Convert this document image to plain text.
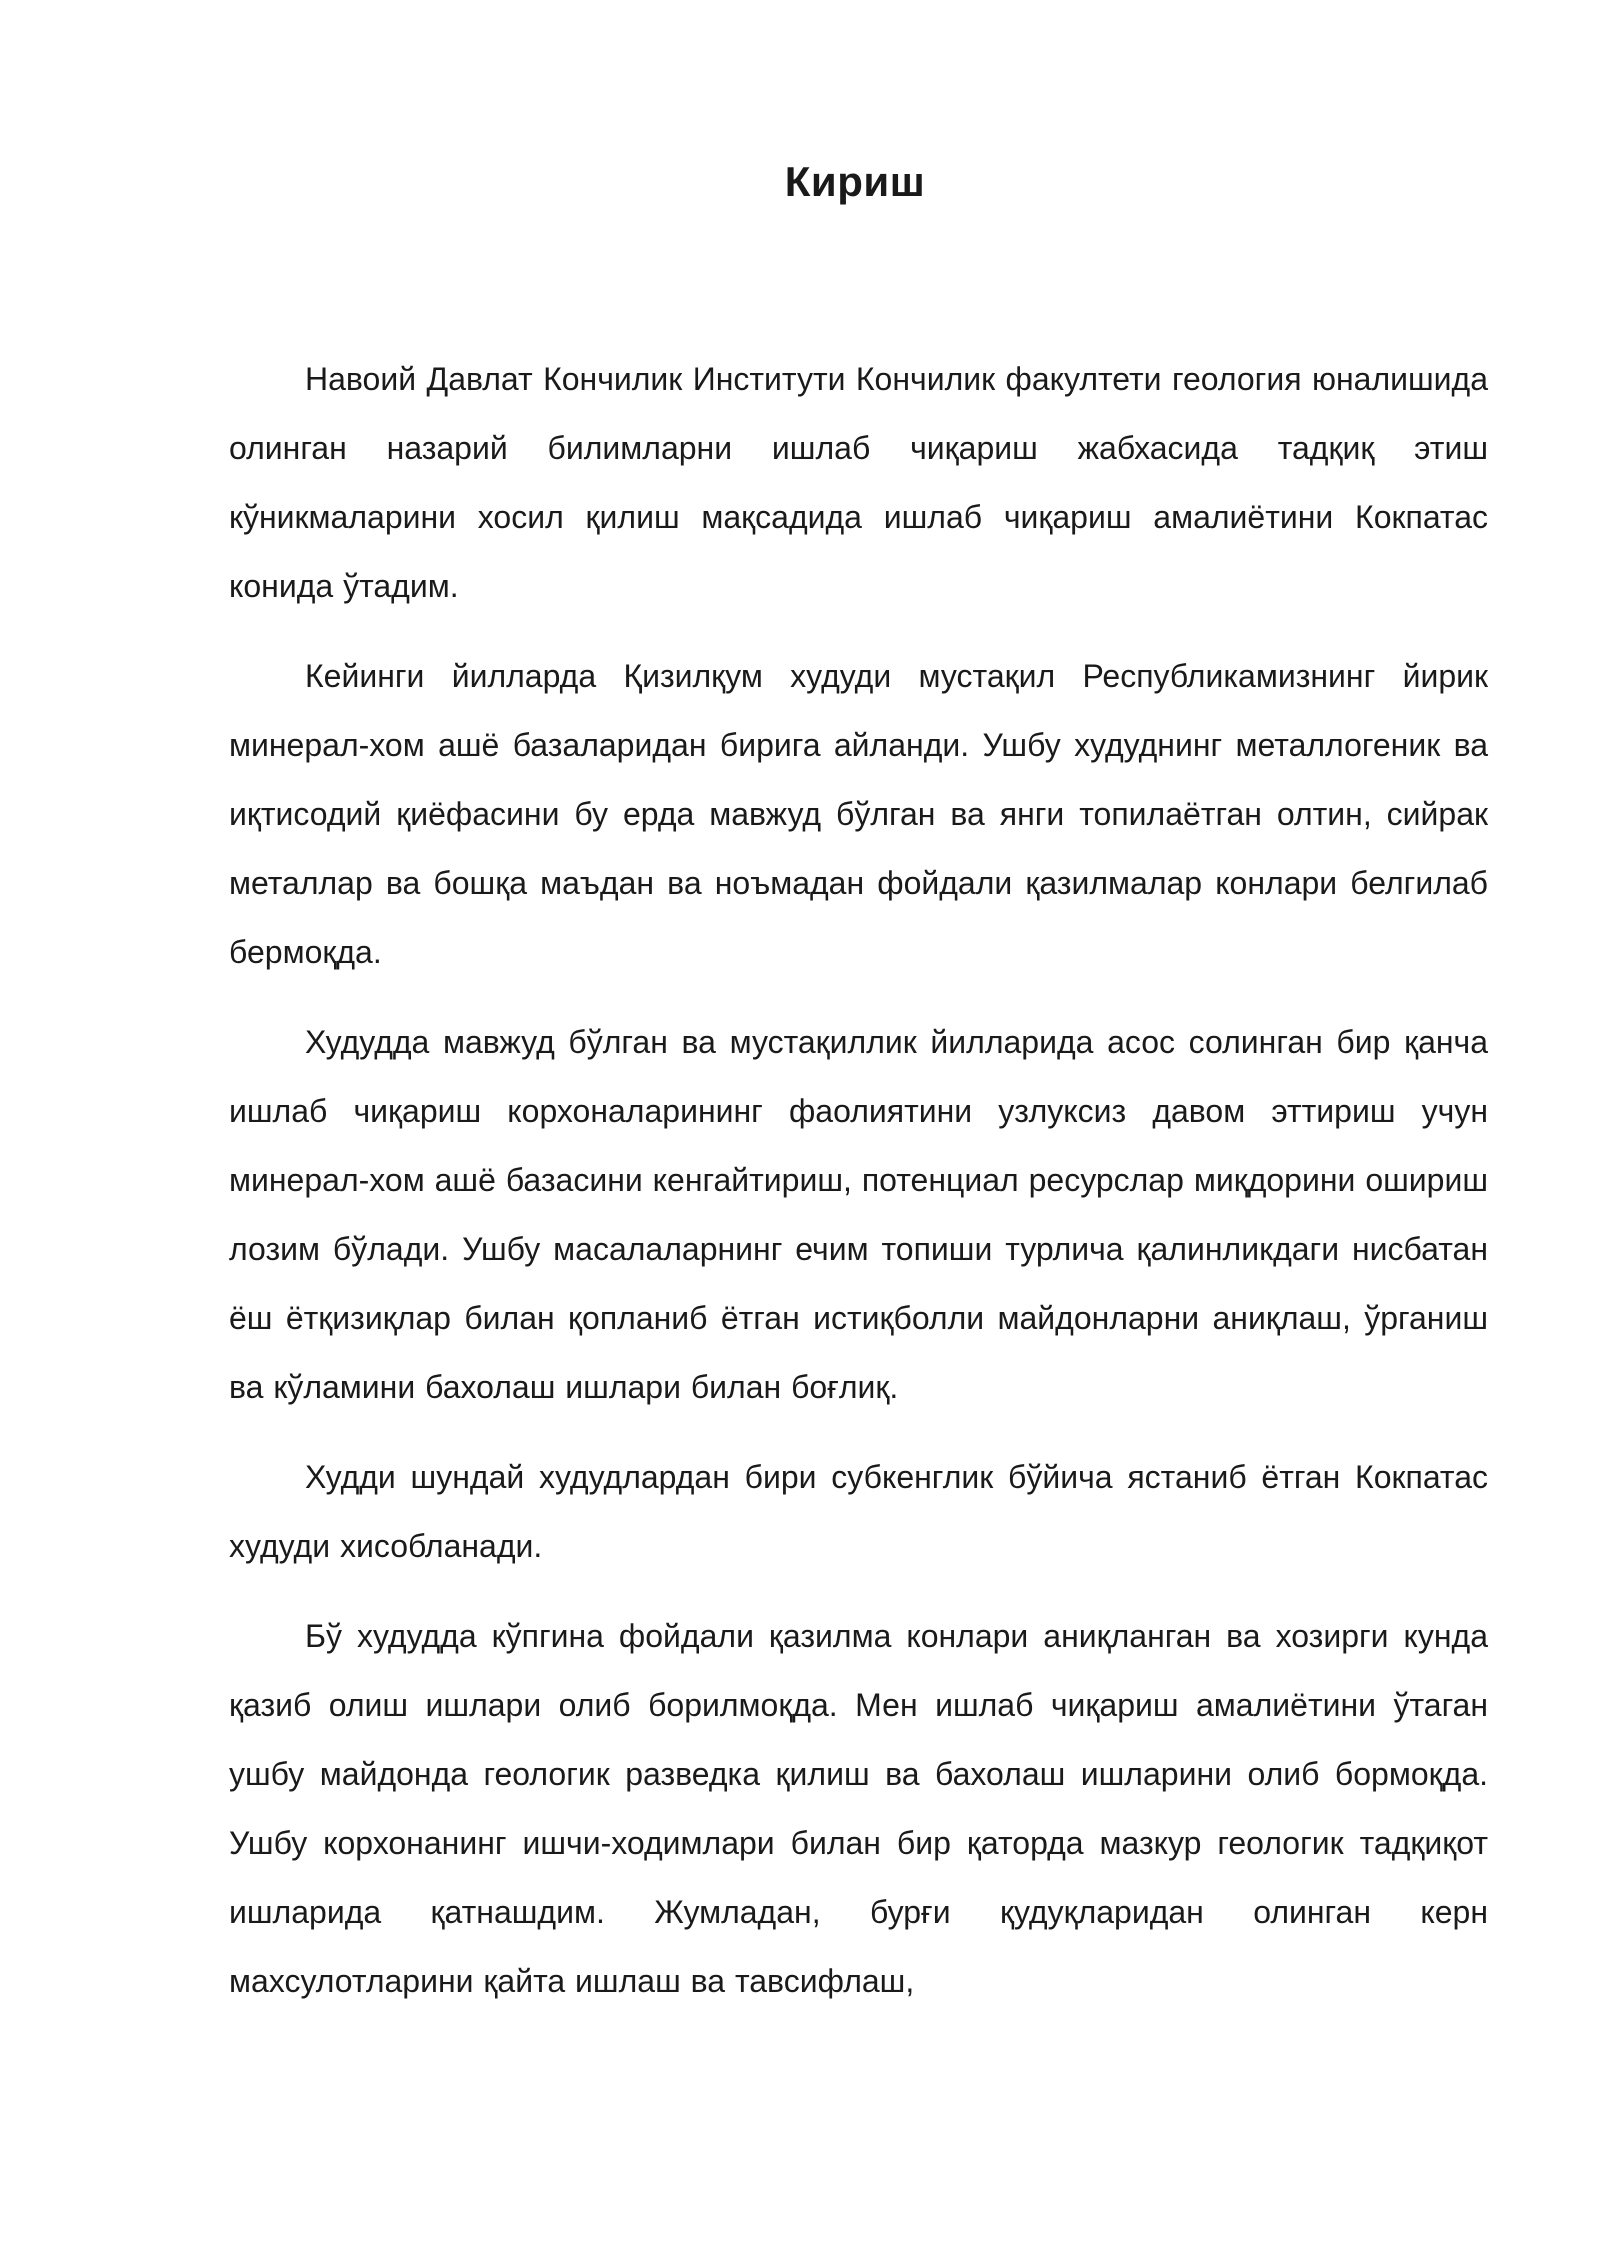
Кириш

Навоий Давлат Кончилик Институти Кончилик факултети геология юналишида олинган назарий билимларни ишлаб чиқариш жабхасида тадқиқ этиш кўникмаларини хосил қилиш мақсадида ишлаб чиқариш амалиётини Кокпатас конида ўтадим.

Кейинги йилларда Қизилқум худуди мустақил Республикамизнинг йирик минерал-хом ашё базаларидан бирига айланди. Ушбу худуднинг металлогеник ва иқтисодий қиёфасини бу ерда мавжуд бўлган ва янги топилаётган олтин, сийрак металлар ва бошқа маъдан ва ноъмадан фойдали қазилмалар конлари белгилаб бермоқда.

Худудда мавжуд бўлган ва мустақиллик йилларида асос солинган бир қанча ишлаб чиқариш корхоналарининг фаолиятини узлуксиз давом эттириш учун минерал-хом ашё базасини кенгайтириш, потенциал ресурслар миқдорини ошириш лозим бўлади. Ушбу масалаларнинг ечим топиши турлича қалинликдаги нисбатан ёш ётқизиқлар билан қопланиб ётган истиқболли майдонларни аниқлаш, ўрганиш ва кўламини бахолаш ишлари билан боғлиқ.

Худди шундай худудлардан бири субкенглик бўйича ястаниб ётган Кокпатас худуди хисобланади.

Бў худудда кўпгина фойдали қазилма конлари аниқланган ва хозирги кунда қазиб олиш ишлари олиб борилмоқда. Мен ишлаб чиқариш амалиётини ўтаган ушбу майдонда геологик разведка қилиш ва бахолаш ишларини олиб бормоқда. Ушбу корхонанинг ишчи-ходимлари билан бир қаторда мазкур геологик тадқиқот ишларида қатнашдим. Жумладан, бурғи қудуқларидан олинган керн махсулотларини қайта ишлаш ва тавсифлаш,
